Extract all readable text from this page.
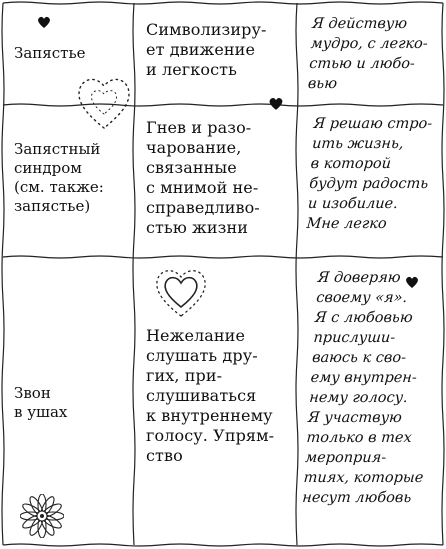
Запястье
Символизиру-
ет движение
и легкость
Я действую
мудро, с легко-
стью и любо-
вью
Запястный
синдром
(см. также:
запястье)
Гнев и разо-
чарование,
связанные
с мнимой не-
справедливо-
стью жизни
Я решаю стро-
ить жизнь,
в которой
будут радость
и изобилие.
Мне легко
Звон
в ушах
Нежелание
слушать дру-
гих, при-
слушиваться
к внутреннему
голосу. Упрям-
ство
Я доверяю
своему «я».
Я с любовью
прислуши-
ваюсь к сво-
ему внутрен-
нему голосу.
Я участвую
только в тех
мероприя-
тиях, которые
несут любовь
